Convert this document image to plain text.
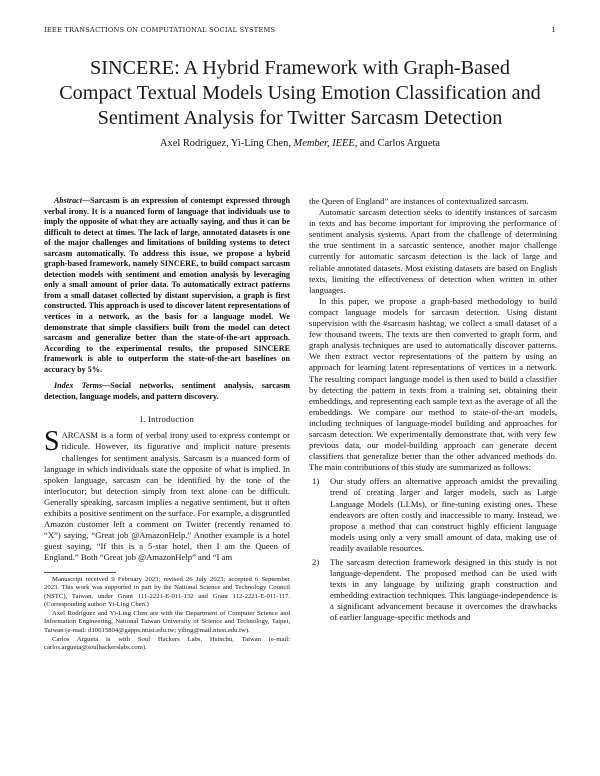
IEEE TRANSACTIONS ON COMPUTATIONAL SOCIAL SYSTEMS	1
SINCERE: A Hybrid Framework with Graph-Based
Compact Textual Models Using Emotion Classification and
Sentiment Analysis for Twitter Sarcasm Detection
Axel Rodríguez, Yi-Ling Chen, Member, IEEE, and Carlos Argueta

Abstract—Sarcasm is an expression of contempt expressed through verbal irony. It is a nuanced form of language that individuals use to imply the opposite of what they are actually saying, and thus it can be difficult to detect at times. The lack of large, annotated datasets is one of the major challenges and limitations of building systems to detect sarcasm automatically. To address this issue, we propose a hybrid graph-based framework, namely SINCERE, to build compact sarcasm detection models with sentiment and emotion analysis by leveraging only a small amount of prior data. To automatically extract patterns from a small dataset collected by distant supervision, a graph is first constructed. This approach is used to discover latent representations of vertices in a network, as the basis for a language model. We demonstrate that simple classifiers built from the model can detect sarcasm and generalize better than the state-of-the-art approach. According to the experimental results, the proposed SINCERE framework is able to outperform the state-of-the-art baselines on accuracy by 5%.

Index Terms—Social networks, sentiment analysis, sarcasm detection, language models, and pattern discovery.

I. Introduction

SARCASM is a form of verbal irony used to express contempt or ridicule. However, its figurative and implicit nature presents challenges for sentiment analysis. Sarcasm is a nuanced form of language in which individuals state the opposite of what is implied. In spoken language, sarcasm can be identified by the tone of the interlocutor; but detection simply from text alone can be difficult. Generally speaking, sarcasm implies a negative sentiment, but it often exhibits a positive sentiment on the surface. For example, a disgruntled Amazon customer left a comment on Twitter (recently renamed to “X”) saying, “Great job @AmazonHelp.” Another example is a hotel guest saying, “If this is a 5-star hotel, then I am the Queen of England.” Both “Great job @AmazonHelp” and “I am

Manuscript received 9 February 2023; revised 26 July 2023; accepted 6 September 2023. This work was supported in part by the National Science and Technology Council (NSTC), Taiwan, under Grant 111-2221-E-011-132 and Grant 112-2221-E-011-117. (Corresponding author: Yi-Ling Chen.)

Axel Rodríguez and Yi-Ling Chen are with the Department of Computer Science and Information Engineering, National Taiwan University of Science and Technology, Taipei, Taiwan (e-mail: d10615804@gapps.ntust.edu.tw; yiling@mail.ntust.edu.tw).

Carlos Argueta is with Soul Hackers Labs, Hsinchu, Taiwan (e-mail: carlos.argueta@soulhackerslabs.com).

the Queen of England” are instances of contextualized sarcasm.

Automatic sarcasm detection seeks to identify instances of sarcasm in texts and has become important for improving the performance of sentiment analysis systems. Apart from the challenge of determining the true sentiment in a sarcastic sentence, another major challenge currently for automatic sarcasm detection is the lack of large and reliable annotated datasets. Most existing datasets are based on English texts, limiting the effectiveness of detection when written in other languages.

In this paper, we propose a graph-based methodology to build compact language models for sarcasm detection. Using distant supervision with the #sarcasm hashtag, we collect a small dataset of a few thousand tweets. The texts are then converted to graph form, and graph analysis techniques are used to automatically discover patterns. We then extract vector representations of the pattern by using an approach for learning latent representations of vertices in a network. The resulting compact language model is then used to build a classifier by detecting the pattern in texts from a training set, obtaining their embeddings, and representing each sample text as the average of all the embeddings. We compare our method to state-of-the-art models, including techniques of language-model building and approaches for sarcasm detection. We experimentally demonstrate that, with very few previous data, our model-building approach can generate decent classifiers that generalize better than the other advanced methods do. The main contributions of this study are summarized as follows:

1) Our study offers an alternative approach amidst the prevailing trend of creating larger and larger models, such as Large Language Models (LLMs), or fine-tuning existing ones. These endeavors are often costly and inaccessible to many. Instead, we propose a method that can construct highly efficient language models using only a very small amount of data, making use of readily available resources.
2) The sarcasm detection framework designed in this study is not language-dependent. The proposed method can be used with texts in any language by utilizing graph construction and embedding extraction techniques. This language-independence is a significant advancement because it overcomes the drawbacks of earlier language-specific methods and
